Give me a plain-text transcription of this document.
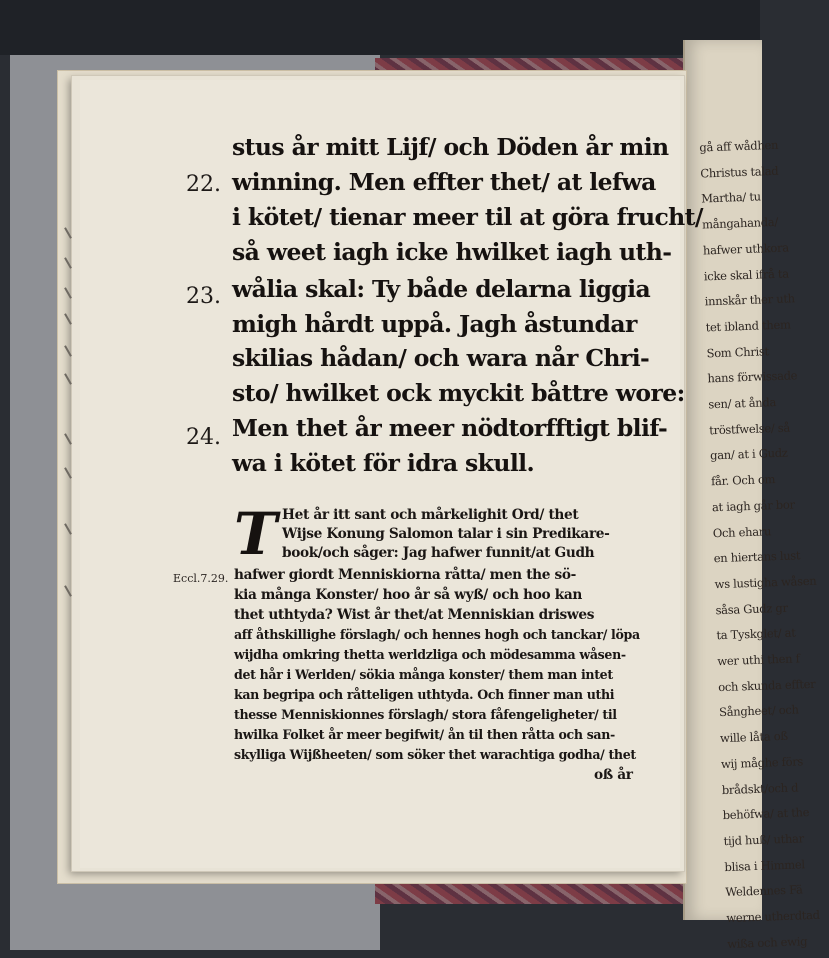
gå aff wådhen
Christus talad
Martha/ tu
mångahanda/
hafwer uthkora
icke skal ifrå ta
innskår ther uth
tet ibland them
Som Christ
hans förwissade
sen/ at ånda
tröstfwelse/ så
gan/ at i Gudz
får. Och om
at iagh går bor
Och eharu
en hiertans lust
ws lustigha wåsen
såsa Gudz gr
ta Tyskglet/ at
wer uthi then f
och skunda effter
Sångheet/ och
wille låta oß
wij måghe förs
brådskt/och d
behöfwa/ at the
tijd huß/ uthar
blisa i Himmel
Weldennes Fä
werne utherdtad
wißa och ewig
22.
23.
24.
stus år mitt Lijf/ och Döden år min
winning. Men effter thet/ at lefwa
i kötet/ tienar meer til at göra frucht/
så weet iagh icke hwilket iagh uth-
wålia skal: Ty både delarna liggia
migh hårdt uppå. Jagh åstundar
skilias hådan/ och wara når Chri-
sto/ hwilket ock myckit båttre wore:
Men thet år meer nödtorfftigt blif-
wa i kötet för idra skull.
T
Eccl.7.29.
Het år itt sant och mårkelighit Ord/ thet
Wijse Konung Salomon talar i sin Predikare-
book/och såger: Jag hafwer funnit/at Gudh
hafwer giordt Menniskiorna råtta/ men the sö-
kia många Konster/ hoo år så wyß/ och hoo kan
thet uthtyda? Wist år thet/at Menniskian driswes
aff åthskillighe förslagh/ och hennes hogh och tanckar/ löpa
wijdha omkring thetta werldzliga och mödesamma wåsen-
det hår i Werlden/ sökia många konster/ them man intet
kan begripa och råtteligen uthtyda. Och finner man uthi
thesse Menniskionnes förslagh/ stora fåfengeligheter/ til
hwilka Folket år meer begifwit/ ån til then råtta och san-
skylliga Wijßheeten/ som söker thet warachtiga godha/ thet
oß år
